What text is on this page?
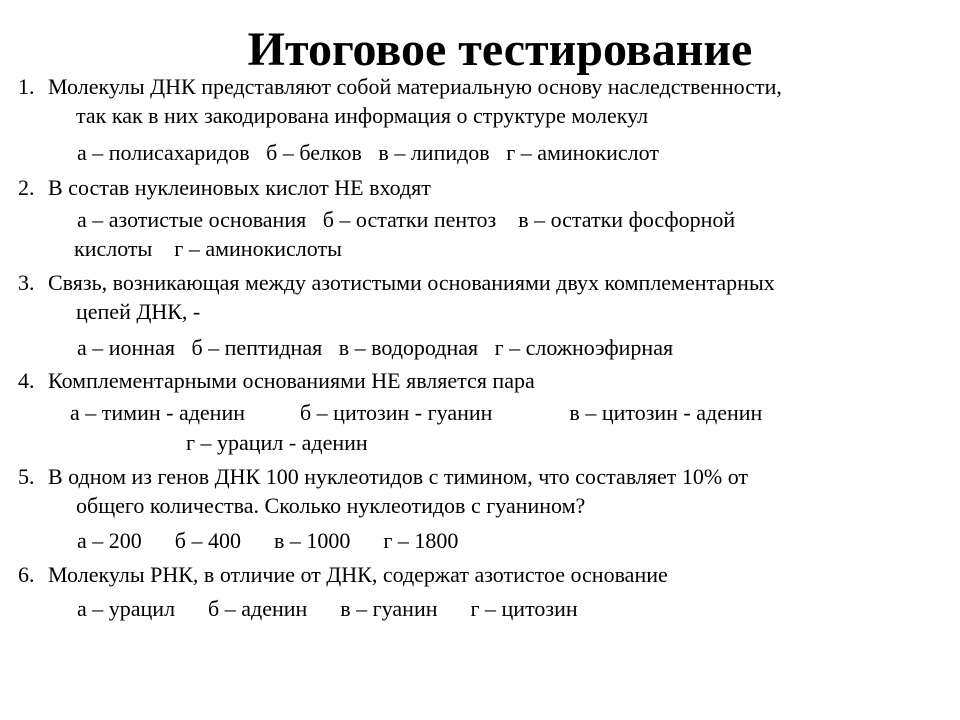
Итоговое тестирование
1. Молекулы ДНК представляют собой материальную основу наследственности,
так как в них закодирована информация о структуре молекул
а – полисахаридов   б – белков   в – липидов   г – аминокислот
2. В состав нуклеиновых кислот НЕ входят
а – азотистые основания   б – остатки пентоз    в – остатки фосфорной
кислоты    г – аминокислоты
3. Связь, возникающая между азотистыми основаниями двух комплементарных
цепей ДНК, -
а – ионная   б – пептидная   в – водородная   г – сложноэфирная
4. Комплементарными основаниями НЕ является пара
а – тимин - аденин          б – цитозин - гуанин              в – цитозин - аденин
г – урацил - аденин
5. В одном из генов ДНК 100 нуклеотидов с тимином, что составляет 10% от
общего количества. Сколько нуклеотидов с гуанином?
а – 200      б – 400      в – 1000      г – 1800
6. Молекулы РНК, в отличие от ДНК, содержат азотистое основание
а – урацил      б – аденин      в – гуанин      г – цитозин
